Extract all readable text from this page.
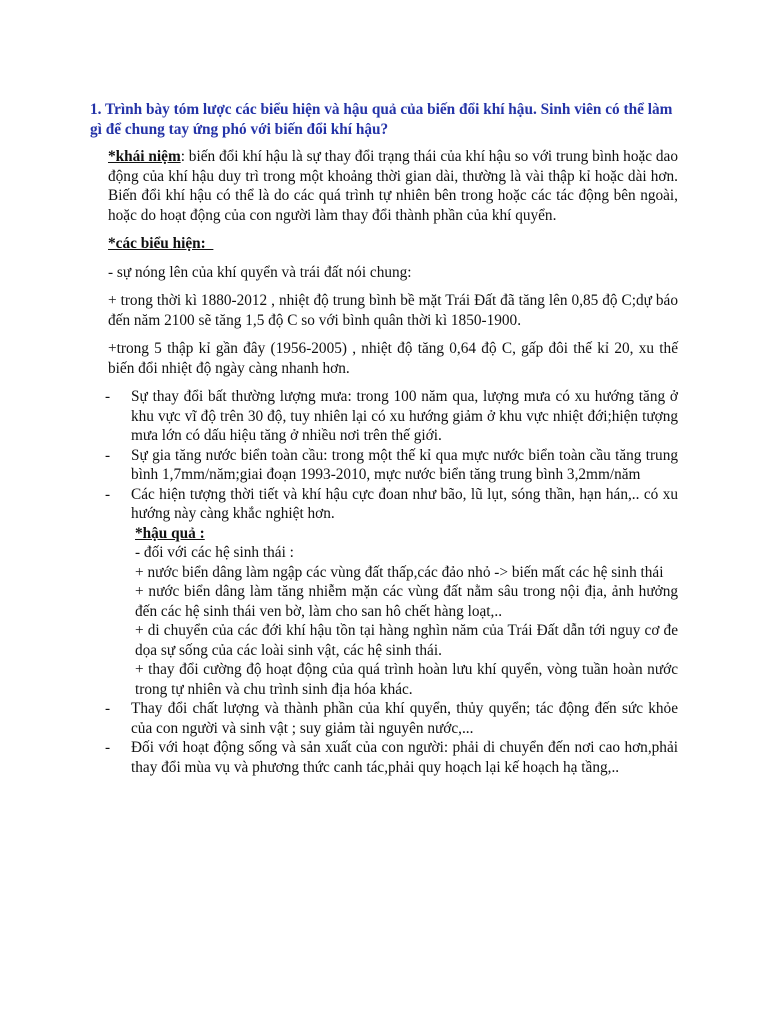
1. Trình bày tóm lược các biểu hiện và hậu quả của biến đổi khí hậu. Sinh viên có thể làm gì để chung tay ứng phó với biến đổi khí hậu?

*khái niệm: biến đổi khí hậu là sự thay đổi trạng thái của khí hậu so với trung bình hoặc dao động của khí hậu duy trì trong một khoảng thời gian dài, thường là vài thập kỉ hoặc dài hơn. Biến đổi khí hậu có thể là do các quá trình tự nhiên bên trong hoặc các tác động bên ngoài, hoặc do hoạt động của con người làm thay đổi thành phần của khí quyển.

*các biểu hiện:

- sự nóng lên của khí quyển và trái đất nói chung:

+ trong thời kì 1880-2012 , nhiệt độ trung bình bề mặt Trái Đất đã tăng lên 0,85 độ C;dự báo đến năm 2100 sẽ tăng 1,5 độ C so với bình quân thời kì 1850-1900.

+trong 5 thập kỉ gần đây (1956-2005) , nhiệt độ tăng 0,64 độ C, gấp đôi thế kỉ 20, xu thế biến đổi nhiệt độ ngày càng nhanh hơn.

- Sự thay đổi bất thường lượng mưa: trong 100 năm qua, lượng mưa có xu hướng tăng ở khu vực vĩ độ trên 30 độ, tuy nhiên lại có xu hướng giảm ở khu vực nhiệt đới;hiện tượng mưa lớn có dấu hiệu tăng ở nhiều nơi trên thế giới.
- Sự gia tăng nước biển toàn cầu: trong một thế kỉ qua mực nước biển toàn cầu tăng trung bình 1,7mm/năm;giai đoạn 1993-2010, mực nước biển tăng trung bình 3,2mm/năm
- Các hiện tượng thời tiết và khí hậu cực đoan như bão, lũ lụt, sóng thần, hạn hán,.. có xu hướng này càng khắc nghiệt hơn.

*hậu quả :

- đối với các hệ sinh thái :

+ nước biển dâng làm ngập các vùng đất thấp,các đảo nhỏ -> biến mất các hệ sinh thái

+ nước biển dâng làm tăng nhiễm mặn các vùng đất nằm sâu trong nội địa, ảnh hưởng đến các hệ sinh thái ven bờ, làm cho san hô chết hàng loạt,..

+ di chuyển của các đới khí hậu tồn tại hàng nghìn năm của Trái Đất dẫn tới nguy cơ đe dọa sự sống của các loài sinh vật, các hệ sinh thái.

+ thay đổi cường độ hoạt động của quá trình hoàn lưu khí quyển, vòng tuần hoàn nước trong tự nhiên và chu trình sinh địa hóa khác.

- Thay đổi chất lượng và thành phần của khí quyển, thủy quyển; tác động đến sức khỏe của con người và sinh vật ; suy giảm tài nguyên nước,...
- Đối với hoạt động sống và sản xuất của con người: phải di chuyển đến nơi cao hơn,phải thay đổi mùa vụ và phương thức canh tác,phải quy hoạch lại kế hoạch hạ tầng,..
